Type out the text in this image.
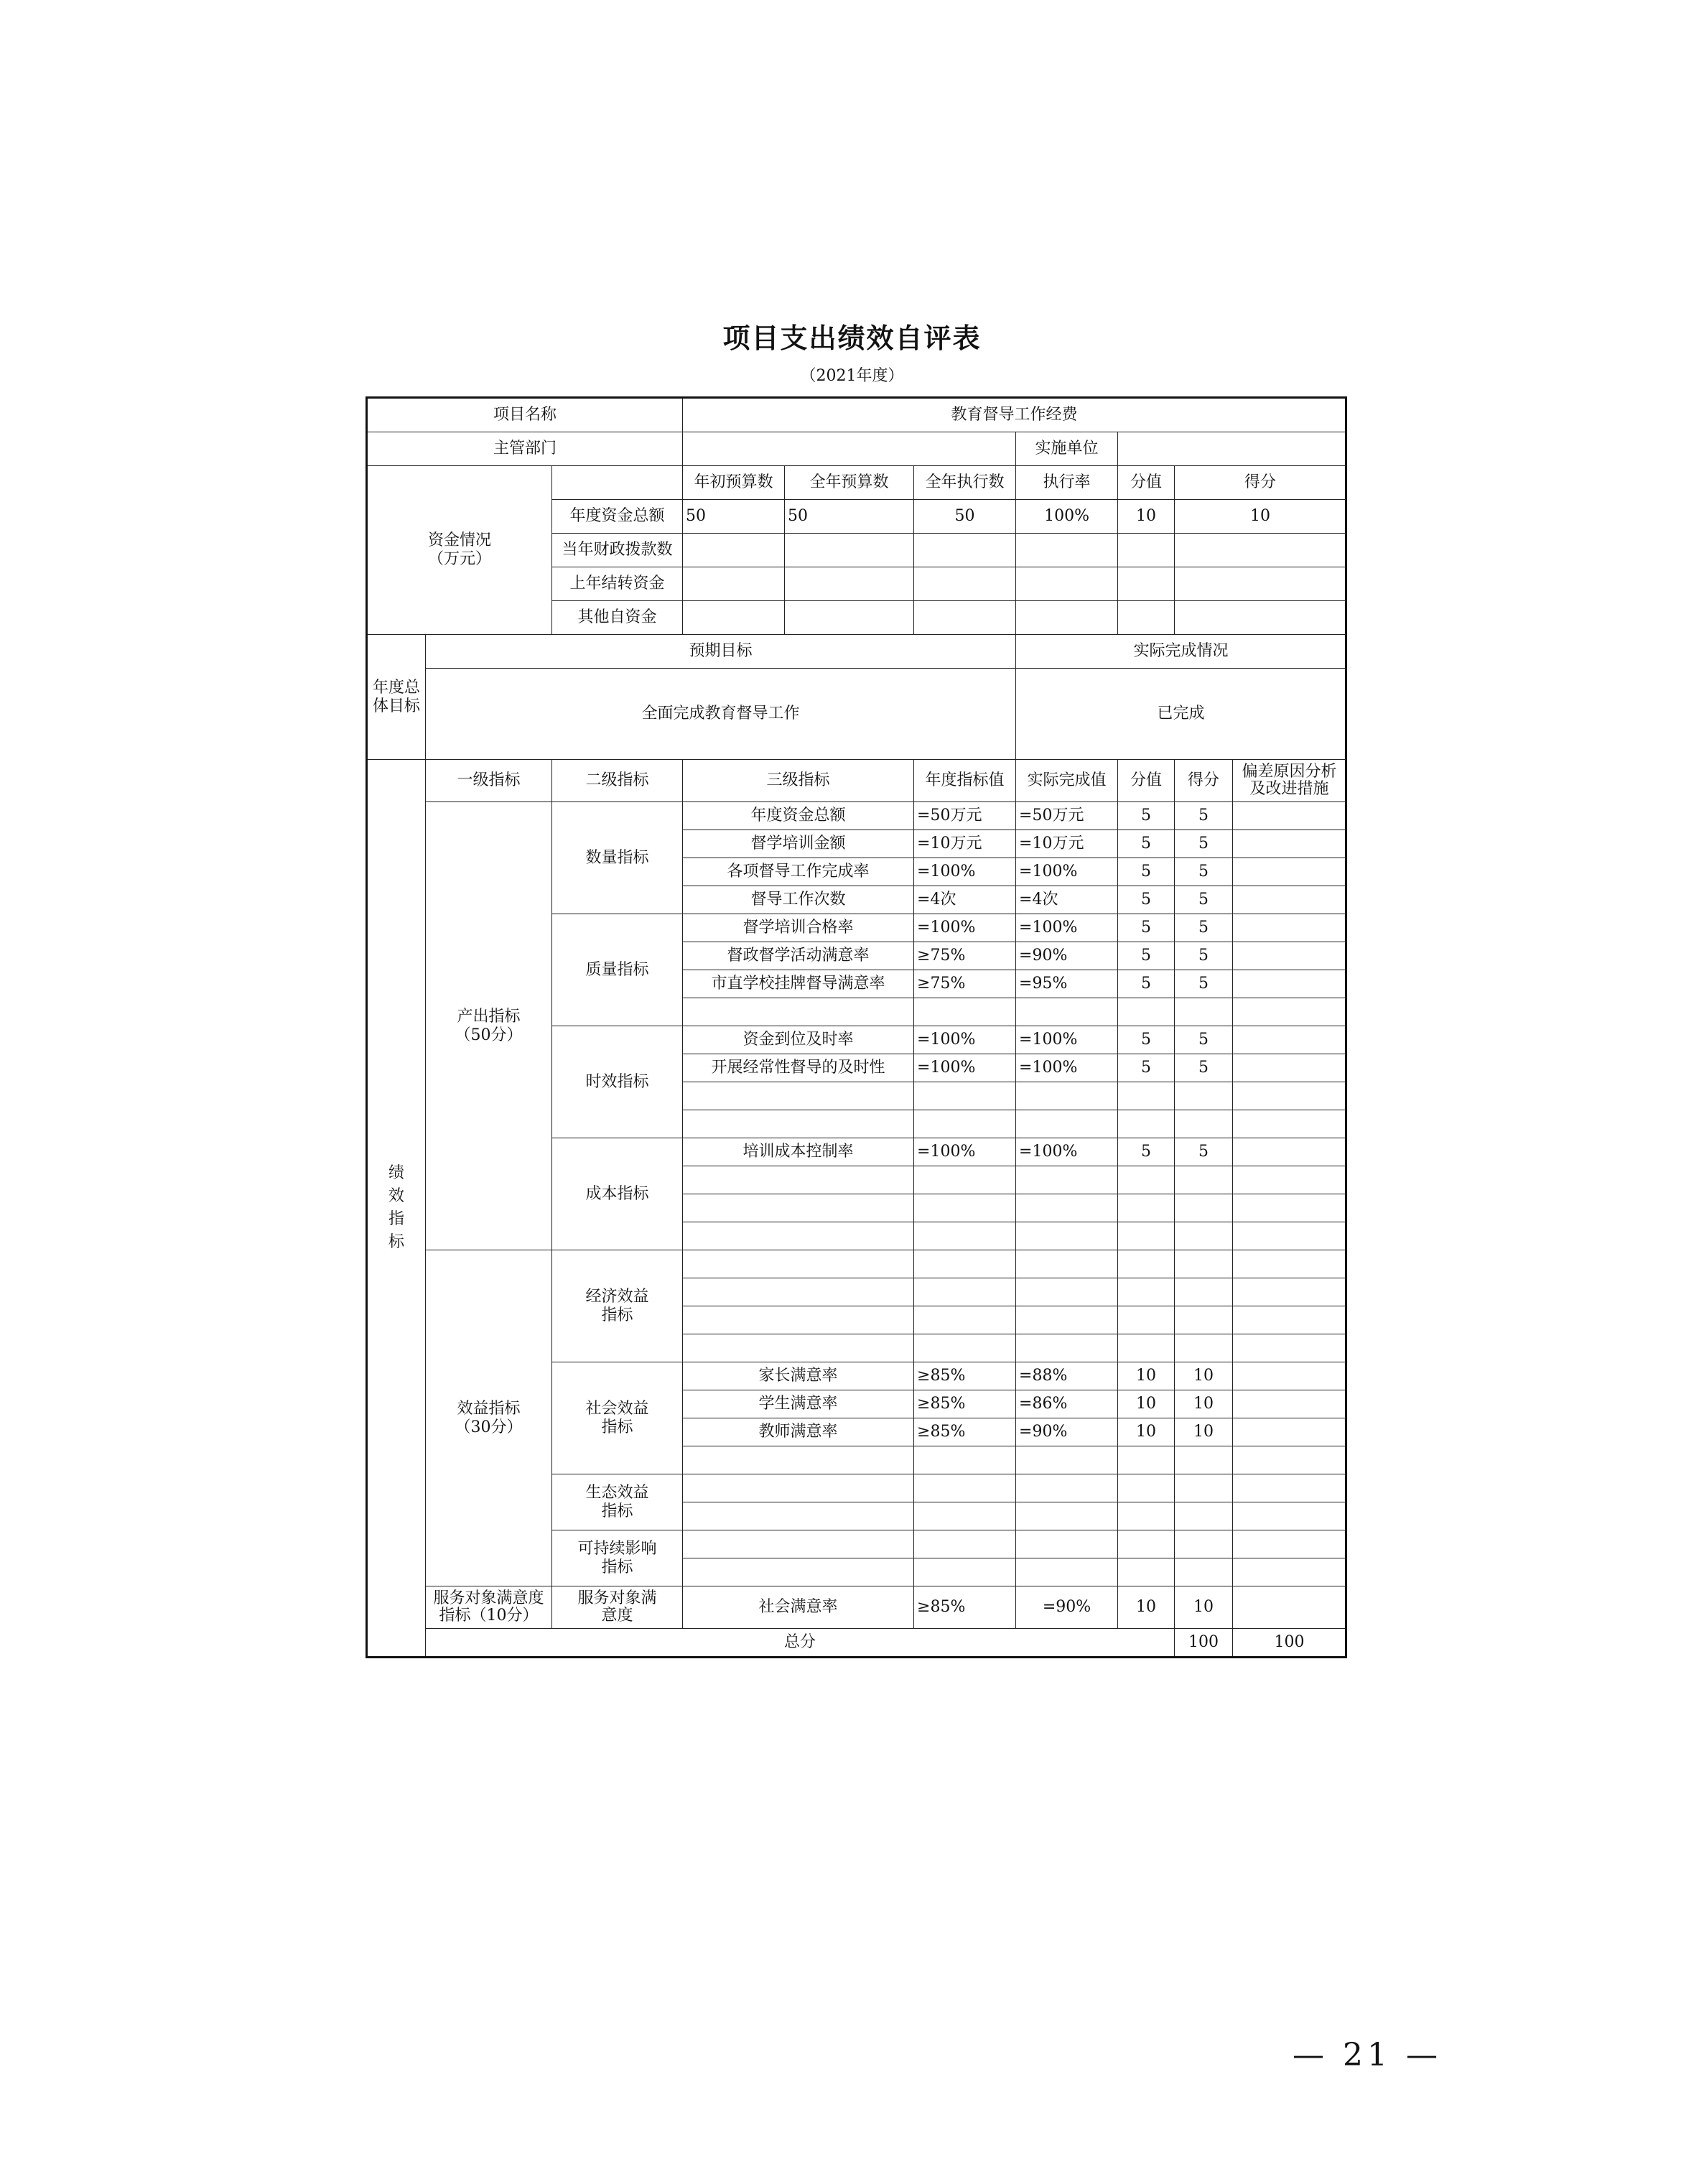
项目支出绩效自评表
（2021年度）
项目名称			教育督导工作经费							
主管部门						实施单位				
资金情况（万元）			年初预算数	全年预算数	全年执行数	执行率	分值	得分		
		年度资金总额	50	50	50	100%	10	10		
		当年财政拨款数								
		上年结转资金								
		其他自资金								
年度总体目标	预期目标					实际完成情况				
	全面完成教育督导工作					已完成				
绩效指标	一级指标	二级指标	三级指标		年度指标值	实际完成值	分值	得分	偏差原因分析及改进措施	
	产出指标（50分）	数量指标	年度资金总额		=50万元	=50万元	5	5		
			督学培训金额		=10万元	=10万元	5	5		
			各项督导工作完成率		=100%	=100%	5	5		
			督导工作次数		=4次	=4次	5	5		
		质量指标	督学培训合格率		=100%	=100%	5	5		
			督政督学活动满意率		≥75%	=90%	5	5		
			市直学校挂牌督导满意率		≥75%	=95%	5	5		

		时效指标	资金到位及时率		=100%	=100%	5	5		
			开展经常性督导的及时性		=100%	=100%	5	5		

		成本指标	培训成本控制率		=100%	=100%	5	5		

	效益指标（30分）	经济效益指标								

		社会效益指标	家长满意率		≥85%	=88%	10	10		
			学生满意率		≥85%	=86%	10	10		
			教师满意率		≥85%	=90%	10	10		

		生态效益指标								

		可持续影响指标								

	服务对象满意度指标（10分）	服务对象满意度	社会满意率		≥85%	=90%	10	10		
	总分							100	100	
— 21 —
